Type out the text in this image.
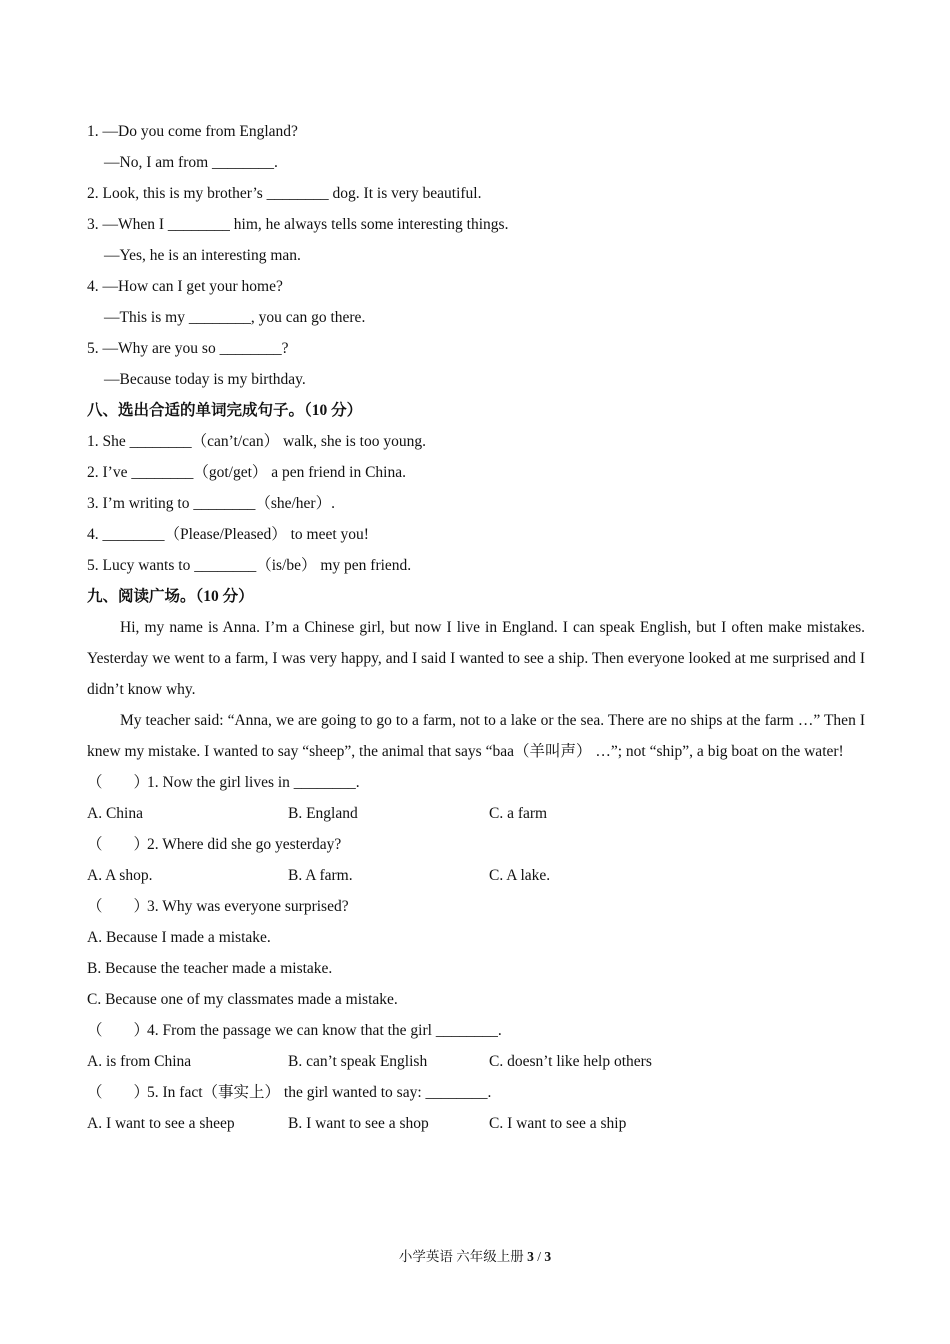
1. —Do you come from England?
—No, I am from ________.
2. Look, this is my brother’s ________ dog. It is very beautiful.
3. —When I ________ him, he always tells some interesting things.
—Yes, he is an interesting man.
4. —How can I get your home?
—This is my ________, you can go there.
5. —Why are you so ________?
—Because today is my birthday.
八、选出合适的单词完成句子。（10 分）
1. She ________（can’t/can） walk, she is too young.
2. I’ve ________（got/get） a pen friend in China.
3. I’m writing to ________（she/her）.
4. ________（Please/Pleased） to meet you!
5. Lucy wants to ________（is/be） my pen friend.
九、阅读广场。（10 分）
Hi, my name is Anna. I’m a Chinese girl, but now I live in England. I can speak English, but I often make mistakes. Yesterday we went to a farm, I was very happy, and I said I wanted to see a ship. Then everyone looked at me surprised and I didn’t know why.
My teacher said: “Anna, we are going to go to a farm, not to a lake or the sea. There are no ships at the farm …” Then I knew my mistake. I wanted to say “sheep”, the animal that says “baa（羊叫声） …”; not “ship”, a big boat on the water!
（　　）1. Now the girl lives in ________.
A. China	B. England	C. a farm
（　　）2. Where did she go yesterday?
A. A shop.	B. A farm.	C. A lake.
（　　）3. Why was everyone surprised?
A. Because I made a mistake.
B. Because the teacher made a mistake.
C. Because one of my classmates made a mistake.
（　　）4. From the passage we can know that the girl ________.
A. is from China	B. can’t speak English	C. doesn’t like help others
（　　）5. In fact（事实上） the girl wanted to say: ________.
A. I want to see a sheep	B. I want to see a shop	C. I want to see a ship
小学英语 六年级上册 3 / 3
